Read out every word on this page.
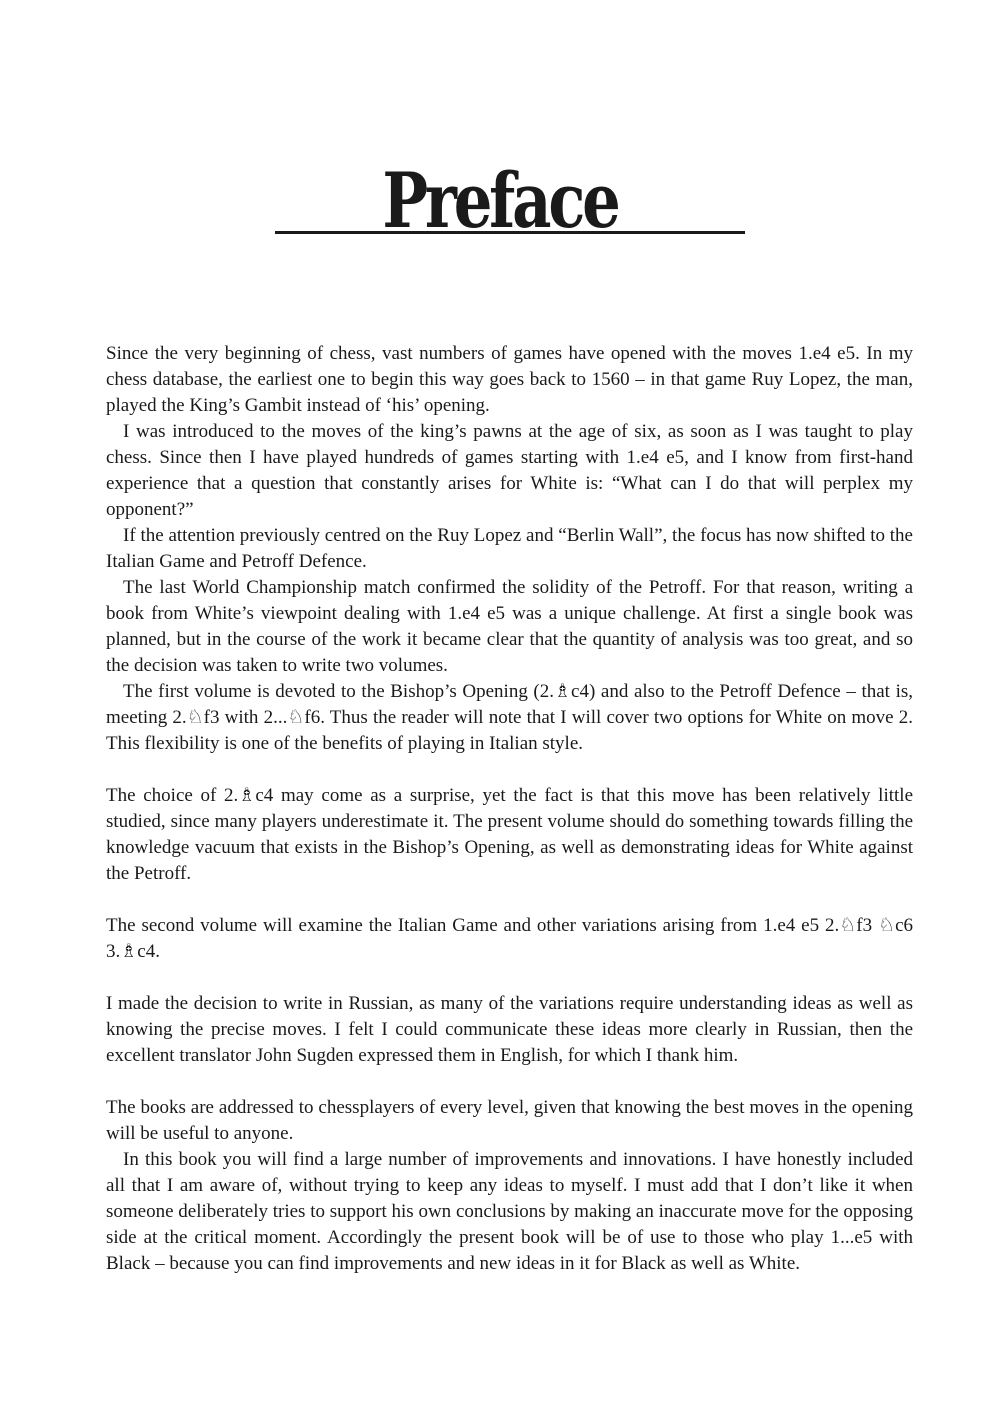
Preface

Since the very beginning of chess, vast numbers of games have opened with the moves 1.e4 e5. In my chess database, the earliest one to begin this way goes back to 1560 – in that game Ruy Lopez, the man, played the King’s Gambit instead of ‘his’ opening.

I was introduced to the moves of the king’s pawns at the age of six, as soon as I was taught to play chess. Since then I have played hundreds of games starting with 1.e4 e5, and I know from first-hand experience that a question that constantly arises for White is: “What can I do that will perplex my opponent?”

If the attention previously centred on the Ruy Lopez and “Berlin Wall”, the focus has now shifted to the Italian Game and Petroff Defence.

The last World Championship match confirmed the solidity of the Petroff. For that reason, writing a book from White’s viewpoint dealing with 1.e4 e5 was a unique challenge. At first a single book was planned, but in the course of the work it became clear that the quantity of analysis was too great, and so the decision was taken to write two volumes.

The first volume is devoted to the Bishop’s Opening (2.♗c4) and also to the Petroff Defence – that is, meeting 2.♘f3 with 2...♘f6. Thus the reader will note that I will cover two options for White on move 2. This flexibility is one of the benefits of playing in Italian style.

The choice of 2.♗c4 may come as a surprise, yet the fact is that this move has been relatively little studied, since many players underestimate it. The present volume should do something towards filling the knowledge vacuum that exists in the Bishop’s Opening, as well as demonstrating ideas for White against the Petroff.

The second volume will examine the Italian Game and other variations arising from 1.e4 e5 2.♘f3 ♘c6 3.♗c4.

I made the decision to write in Russian, as many of the variations require understanding ideas as well as knowing the precise moves. I felt I could communicate these ideas more clearly in Russian, then the excellent translator John Sugden expressed them in English, for which I thank him.

The books are addressed to chessplayers of every level, given that knowing the best moves in the opening will be useful to anyone.

In this book you will find a large number of improvements and innovations. I have honestly included all that I am aware of, without trying to keep any ideas to myself. I must add that I don’t like it when someone deliberately tries to support his own conclusions by making an inaccurate move for the opposing side at the critical moment. Accordingly the present book will be of use to those who play 1...e5 with Black – because you can find improvements and new ideas in it for Black as well as White.
